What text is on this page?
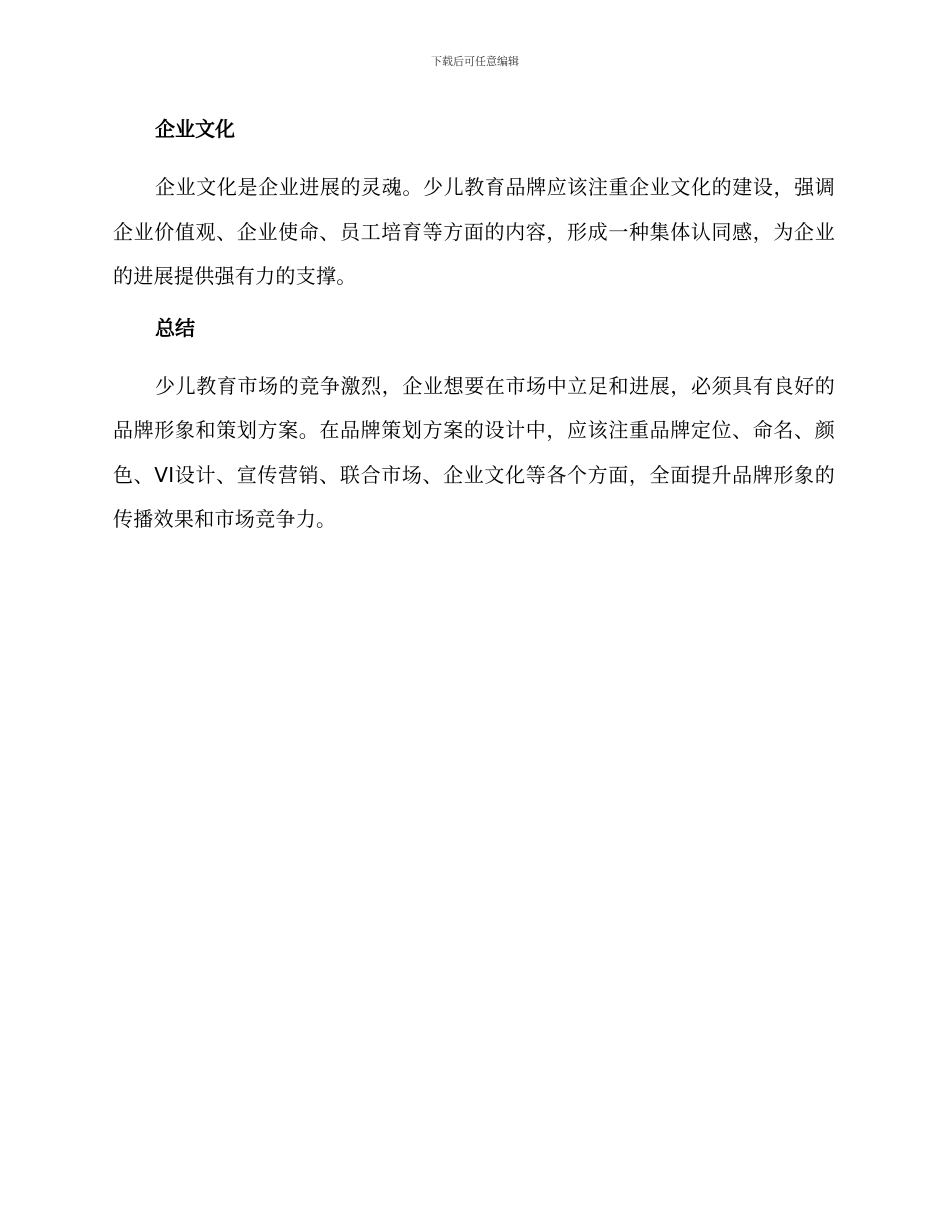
下载后可任意编辑
企业文化

企业文化是企业进展的灵魂。少儿教育品牌应该注重企业文化的建设，强调企业价值观、企业使命、员工培育等方面的内容，形成一种集体认同感，为企业的进展提供强有力的支撑。

总结

少儿教育市场的竞争激烈，企业想要在市场中立足和进展，必须具有良好的品牌形象和策划方案。在品牌策划方案的设计中，应该注重品牌定位、命名、颜色、VI设计、宣传营销、联合市场、企业文化等各个方面，全面提升品牌形象的传播效果和市场竞争力。
